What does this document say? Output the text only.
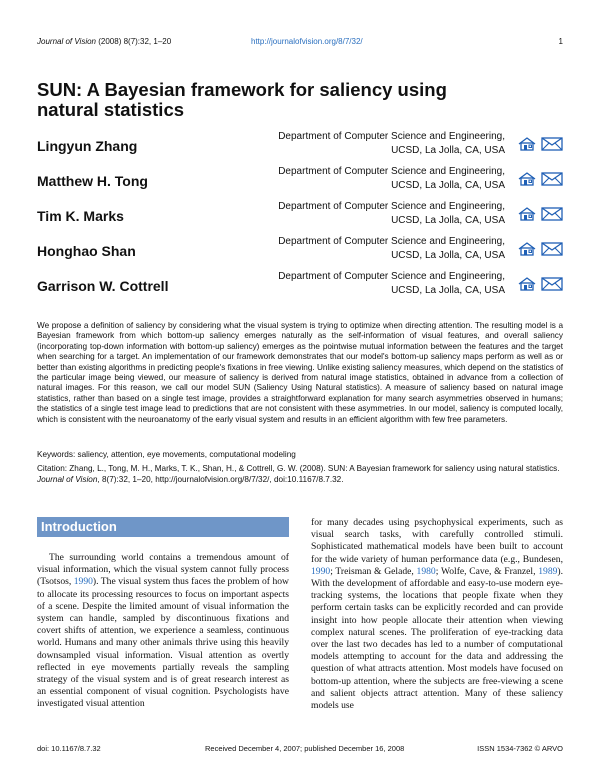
Journal of Vision (2008) 8(7):32, 1–20	http://journalofvision.org/8/7/32/	1
SUN: A Bayesian framework for saliency using natural statistics
Lingyun Zhang
Department of Computer Science and Engineering,
UCSD, La Jolla, CA, USA
Matthew H. Tong
Department of Computer Science and Engineering,
UCSD, La Jolla, CA, USA
Tim K. Marks
Department of Computer Science and Engineering,
UCSD, La Jolla, CA, USA
Honghao Shan
Department of Computer Science and Engineering,
UCSD, La Jolla, CA, USA
Garrison W. Cottrell
Department of Computer Science and Engineering,
UCSD, La Jolla, CA, USA

We propose a definition of saliency by considering what the visual system is trying to optimize when directing attention. The resulting model is a Bayesian framework from which bottom-up saliency emerges naturally as the self-information of visual features, and overall saliency (incorporating top-down information with bottom-up saliency) emerges as the pointwise mutual information between the features and the target when searching for a target. An implementation of our framework demonstrates that our model's bottom-up saliency maps perform as well as or better than existing algorithms in predicting people's fixations in free viewing. Unlike existing saliency measures, which depend on the statistics of the particular image being viewed, our measure of saliency is derived from natural image statistics, obtained in advance from a collection of natural images. For this reason, we call our model SUN (Saliency Using Natural statistics). A measure of saliency based on natural image statistics, rather than based on a single test image, provides a straightforward explanation for many search asymmetries observed in humans; the statistics of a single test image lead to predictions that are not consistent with these asymmetries. In our model, saliency is computed locally, which is consistent with the neuroanatomy of the early visual system and results in an efficient algorithm with few free parameters.

Keywords: saliency, attention, eye movements, computational modeling

Citation: Zhang, L., Tong, M. H., Marks, T. K., Shan, H., & Cottrell, G. W. (2008). SUN: A Bayesian framework for saliency using natural statistics. Journal of Vision, 8(7):32, 1–20, http://journalofvision.org/8/7/32/, doi:10.1167/8.7.32.

Introduction

The surrounding world contains a tremendous amount of visual information, which the visual system cannot fully process (Tsotsos, 1990). The visual system thus faces the problem of how to allocate its processing resources to focus on important aspects of a scene. Despite the limited amount of visual information the system can handle, sampled by discontinuous fixations and covert shifts of attention, we experience a seamless, continuous world. Humans and many other animals thrive using this heavily downsampled visual information. Visual attention as overtly reflected in eye movements partially reveals the sampling strategy of the visual system and is of great research interest as an essential component of visual cognition. Psychologists have investigated visual attention

for many decades using psychophysical experiments, such as visual search tasks, with carefully controlled stimuli. Sophisticated mathematical models have been built to account for the wide variety of human performance data (e.g., Bundesen, 1990; Treisman & Gelade, 1980; Wolfe, Cave, & Franzel, 1989). With the development of affordable and easy-to-use modern eye-tracking systems, the locations that people fixate when they perform certain tasks can be explicitly recorded and can provide insight into how people allocate their attention when viewing complex natural scenes. The proliferation of eye-tracking data over the last two decades has led to a number of computational models attempting to account for the data and addressing the question of what attracts attention. Most models have focused on bottom-up attention, where the subjects are free-viewing a scene and salient objects attract attention. Many of these saliency models use

doi: 10.1167/8.7.32	Received December 4, 2007; published December 16, 2008	ISSN 1534-7362 © ARVO
